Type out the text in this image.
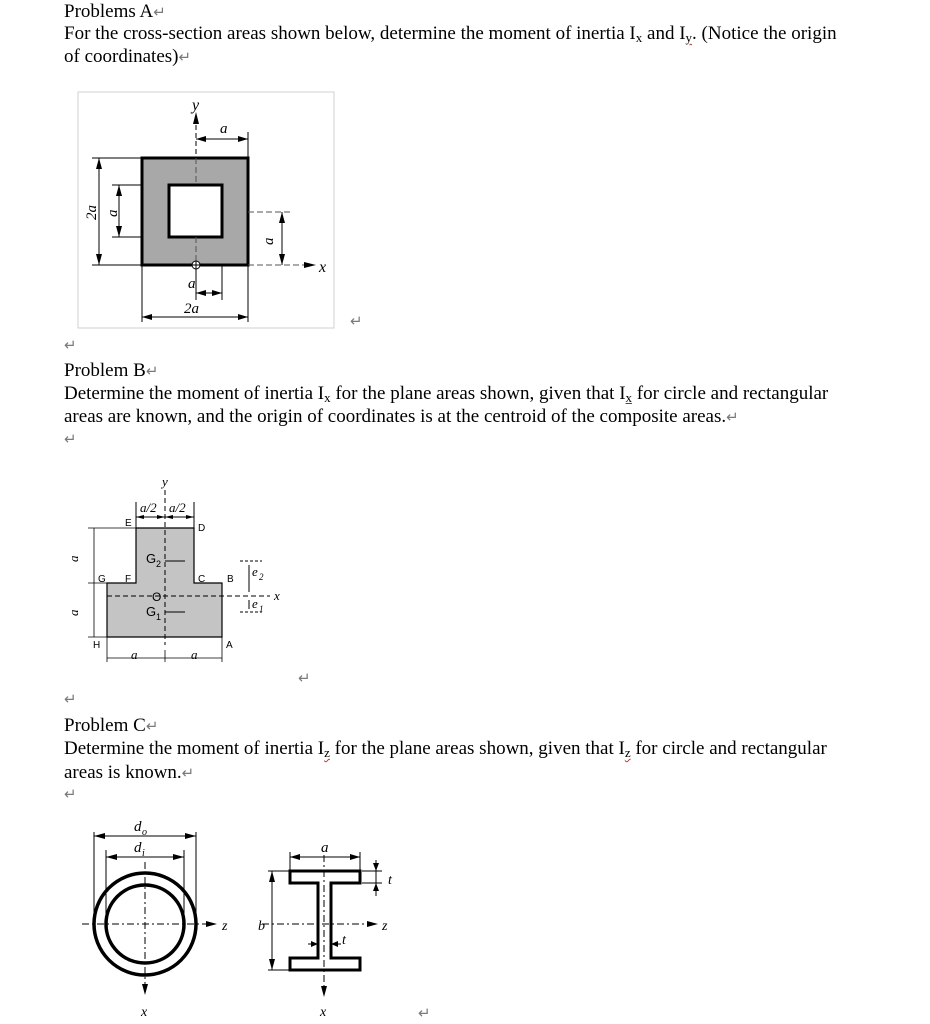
Problems A↵

For the cross-section areas shown below, determine the moment of inertia $I_x$ and $I_y$. (Notice the origin

of coordinates)↵

y
a
x
a
2a a
a
2a
↵
↵

Problem B↵

Determine the moment of inertia $I_x$ for the plane areas shown, given that $I_x$ for circle and rectangular

areas are known, and the origin of coordinates is at the centroid of the composite areas.↵

↵
y
a/2 a/2
x
E	D
G F	C B
H	A
G 2
G 1
O
e 2
e 1
a
a
a	a
↵
↵

Problem C↵

Determine the moment of inertia $I_z$ for the plane areas shown, given that $I_z$ for circle and rectangular

areas is known.↵

↵
z
x
d o
d i
z
x
a
t
b
t
↵
